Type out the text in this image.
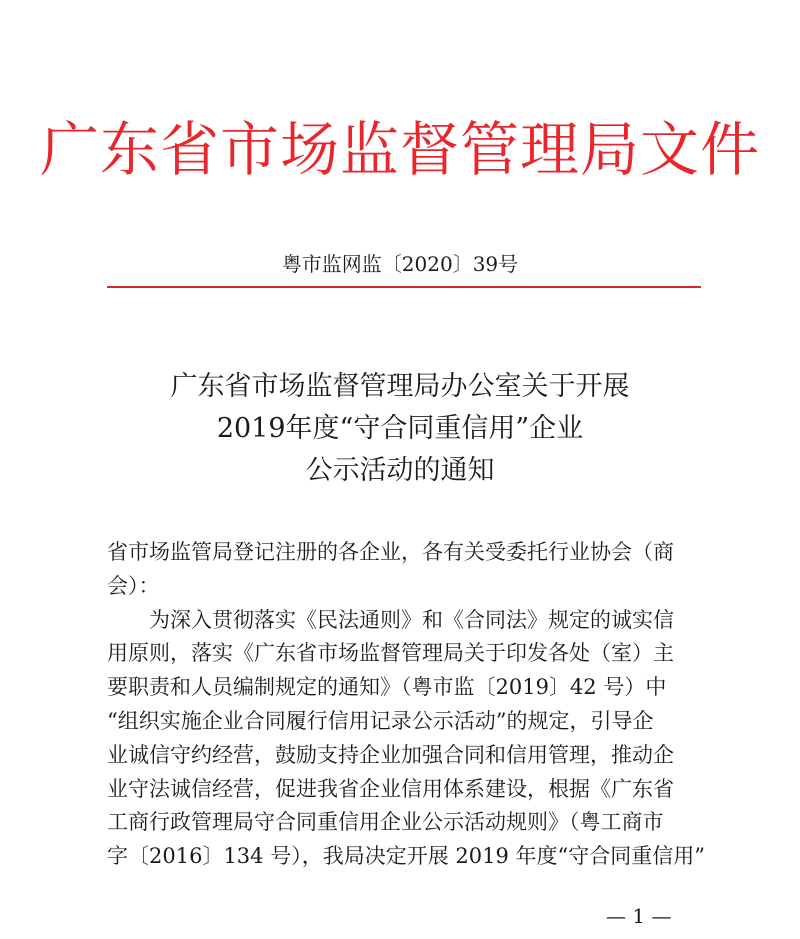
广东省市场监督管理局文件
粤市监网监〔2020〕39号
广东省市场监督管理局办公室关于开展
2019年度“守合同重信用”企业
公示活动的通知
省市场监管局登记注册的各企业，各有关受委托行业协会（商
会）：
　　为深入贯彻落实《民法通则》和《合同法》规定的诚实信
用原则，落实《广东省市场监督管理局关于印发各处（室）主
要职责和人员编制规定的通知》（粤市监〔2019〕42 号）中
“组织实施企业合同履行信用记录公示活动”的规定，引导企
业诚信守约经营，鼓励支持企业加强合同和信用管理，推动企
业守法诚信经营，促进我省企业信用体系建设，根据《广东省
工商行政管理局守合同重信用企业公示活动规则》（粤工商市
字〔2016〕134 号），我局决定开展 2019 年度“守合同重信用”
— 1 —
